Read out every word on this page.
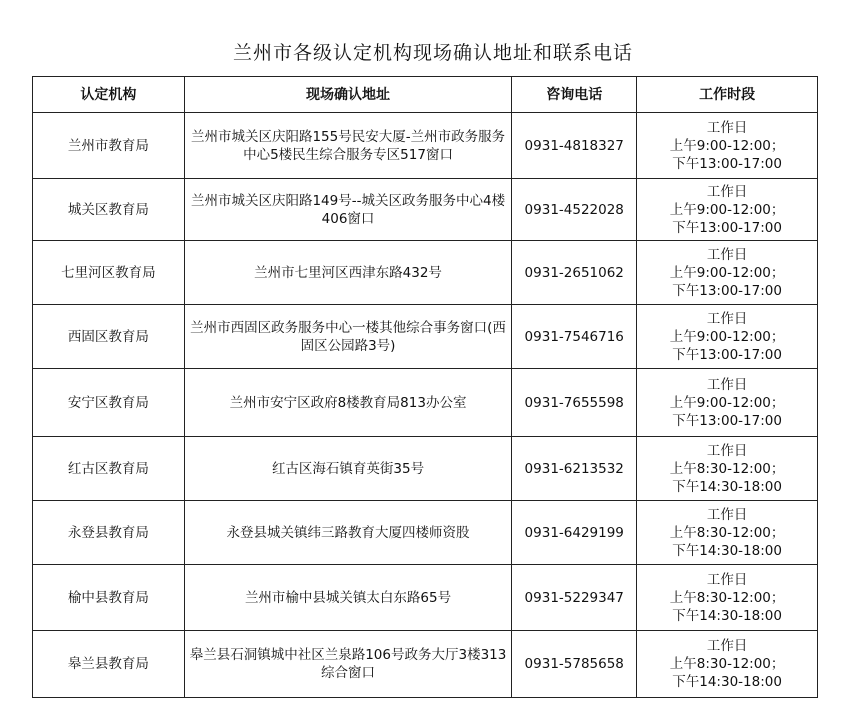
兰州市各级认定机构现场确认地址和联系电话
认定机构	现场确认地址	咨询电话	工作时段
兰州市教育局	兰州市城关区庆阳路155号民安大厦-兰州市政务服务中心5楼民生综合服务专区517窗口	0931-4818327	工作日
上午9:00-12:00；
下午13:00-17:00

城关区教育局	兰州市城关区庆阳路149号--城关区政务服务中心4楼406窗口	0931-4522028	工作日
上午9:00-12:00；
下午13:00-17:00

七里河区教育局	兰州市七里河区西津东路432号	0931-2651062	工作日
上午9:00-12:00；
下午13:00-17:00

西固区教育局	兰州市西固区政务服务中心一楼其他综合事务窗口(西固区公园路3号)	0931-7546716	工作日
上午9:00-12:00；
下午13:00-17:00

安宁区教育局	兰州市安宁区政府8楼教育局813办公室	0931-7655598	工作日
上午9:00-12:00；
下午13:00-17:00

红古区教育局	红古区海石镇育英街35号	0931-6213532	工作日
上午8:30-12:00；
下午14:30-18:00

永登县教育局	永登县城关镇纬三路教育大厦四楼师资股	0931-6429199	工作日
上午8:30-12:00；
下午14:30-18:00

榆中县教育局	兰州市榆中县城关镇太白东路65号	0931-5229347	工作日
上午8:30-12:00；
下午14:30-18:00

皋兰县教育局	皋兰县石洞镇城中社区兰泉路106号政务大厅3楼313综合窗口	0931-5785658	工作日
上午8:30-12:00；
下午14:30-18:00
